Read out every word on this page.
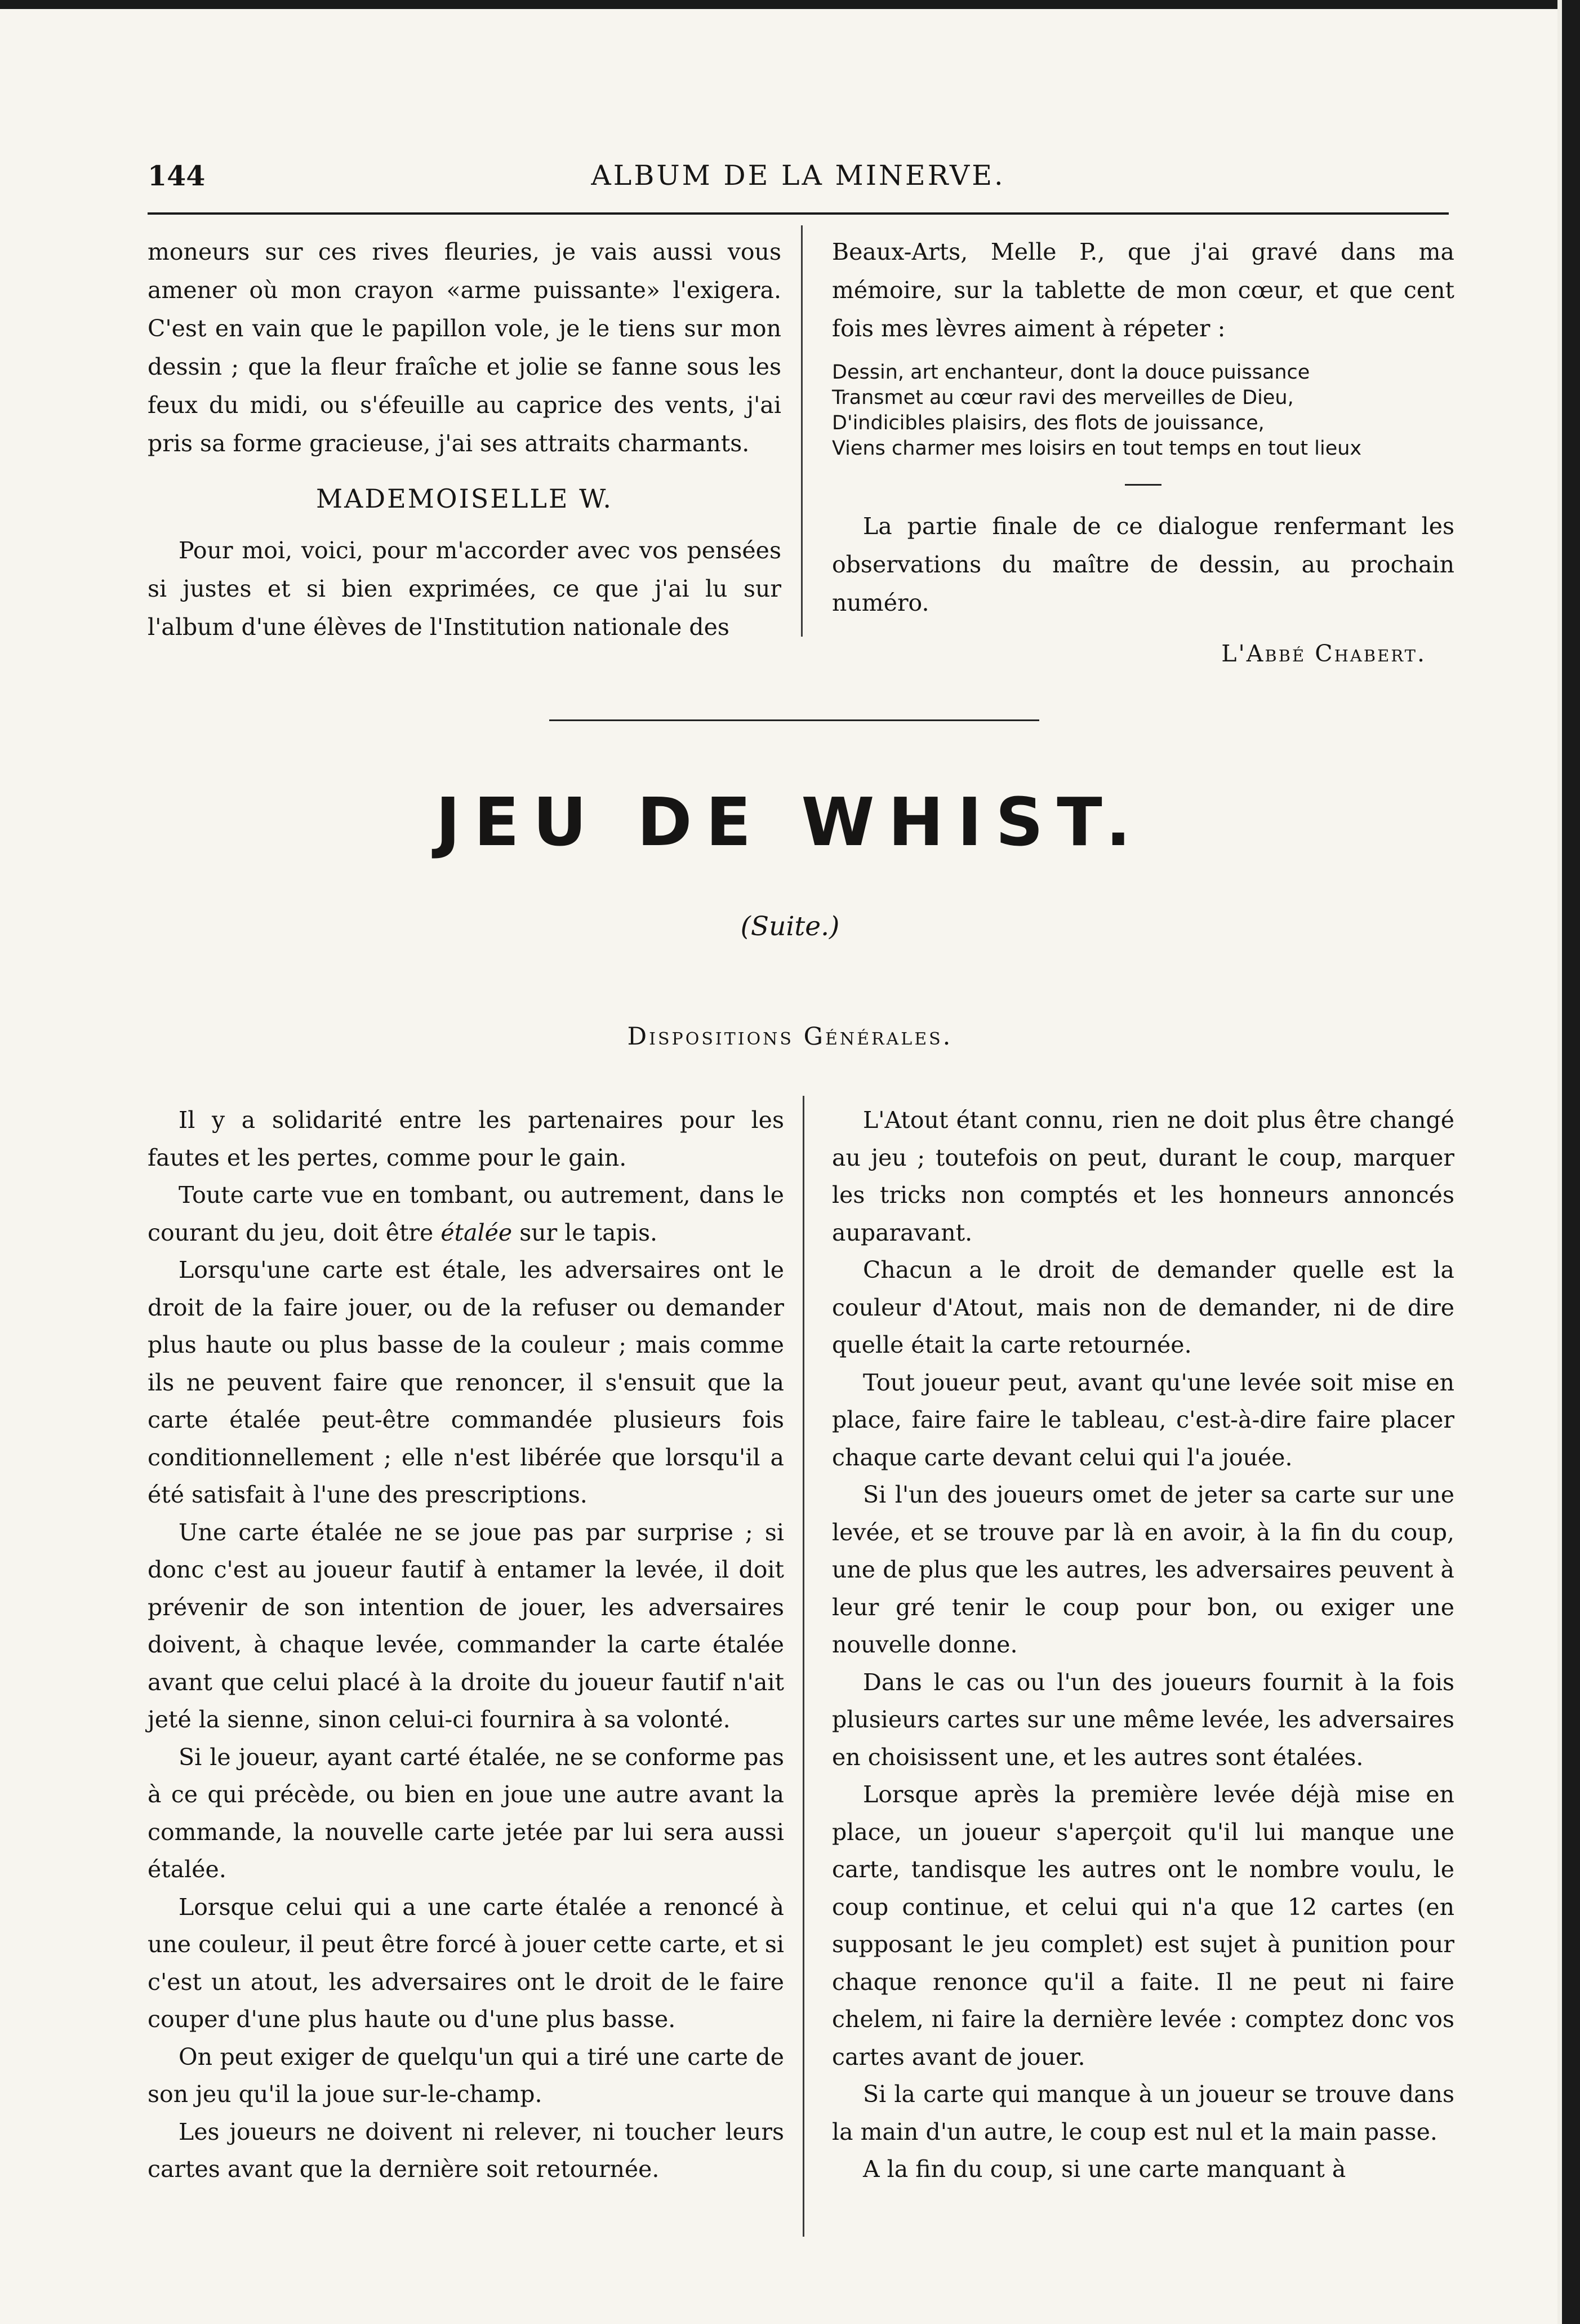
144	ALBUM DE LA MINERVE.

moneurs sur ces rives fleuries, je vais aussi vous amener où mon crayon «arme puissante» l'exigera. C'est en vain que le papillon vole, je le tiens sur mon dessin ; que la fleur fraîche et jolie se fanne sous les feux du midi, ou s'éfeuille au caprice des vents, j'ai pris sa forme gracieuse, j'ai ses attraits charmants.

MADEMOISELLE W.

Pour moi, voici, pour m'accorder avec vos pensées si justes et si bien exprimées, ce que j'ai lu sur l'album d'une élèves de l'Institution nationale des

Beaux-Arts, Melle P., que j'ai gravé dans ma mémoire, sur la tablette de mon cœur, et que cent fois mes lèvres aiment à répeter :

Dessin, art enchanteur, dont la douce puissance
Transmet au cœur ravi des merveilles de Dieu,
D'indicibles plaisirs, des flots de jouissance,
Viens charmer mes loisirs en tout temps en tout lieux

La partie finale de ce dialogue renfermant les observations du maître de dessin, au prochain numéro.

L'Abbé Chabert.
JEU DE WHIST.
(Suite.)
Dispositions Générales.

Il y a solidarité entre les partenaires pour les fautes et les pertes, comme pour le gain.

Toute carte vue en tombant, ou autrement, dans le courant du jeu, doit être étalée sur le tapis.

Lorsqu'une carte est étale, les adversaires ont le droit de la faire jouer, ou de la refuser ou demander plus haute ou plus basse de la couleur ; mais comme ils ne peuvent faire que renoncer, il s'ensuit que la carte étalée peut-être commandée plusieurs fois conditionnellement ; elle n'est libérée que lorsqu'il a été satisfait à l'une des prescriptions.

Une carte étalée ne se joue pas par surprise ; si donc c'est au joueur fautif à entamer la levée, il doit prévenir de son intention de jouer, les adversaires doivent, à chaque levée, commander la carte étalée avant que celui placé à la droite du joueur fautif n'ait jeté la sienne, sinon celui-ci fournira à sa volonté.

Si le joueur, ayant carté étalée, ne se conforme pas à ce qui précède, ou bien en joue une autre avant la commande, la nouvelle carte jetée par lui sera aussi étalée.

Lorsque celui qui a une carte étalée a renoncé à une couleur, il peut être forcé à jouer cette carte, et si c'est un atout, les adversaires ont le droit de le faire couper d'une plus haute ou d'une plus basse.

On peut exiger de quelqu'un qui a tiré une carte de son jeu qu'il la joue sur-le-champ.

Les joueurs ne doivent ni relever, ni toucher leurs cartes avant que la dernière soit retournée.

L'Atout étant connu, rien ne doit plus être changé au jeu ; toutefois on peut, durant le coup, marquer les tricks non comptés et les honneurs annoncés auparavant.

Chacun a le droit de demander quelle est la couleur d'Atout, mais non de demander, ni de dire quelle était la carte retournée.

Tout joueur peut, avant qu'une levée soit mise en place, faire faire le tableau, c'est-à-dire faire placer chaque carte devant celui qui l'a jouée.

Si l'un des joueurs omet de jeter sa carte sur une levée, et se trouve par là en avoir, à la fin du coup, une de plus que les autres, les adversaires peuvent à leur gré tenir le coup pour bon, ou exiger une nouvelle donne.

Dans le cas ou l'un des joueurs fournit à la fois plusieurs cartes sur une même levée, les adversaires en choisissent une, et les autres sont étalées.

Lorsque après la première levée déjà mise en place, un joueur s'aperçoit qu'il lui manque une carte, tandisque les autres ont le nombre voulu, le coup continue, et celui qui n'a que 12 cartes (en supposant le jeu complet) est sujet à punition pour chaque renonce qu'il a faite. Il ne peut ni faire chelem, ni faire la dernière levée : comptez donc vos cartes avant de jouer.

Si la carte qui manque à un joueur se trouve dans la main d'un autre, le coup est nul et la main passe.

A la fin du coup, si une carte manquant à
